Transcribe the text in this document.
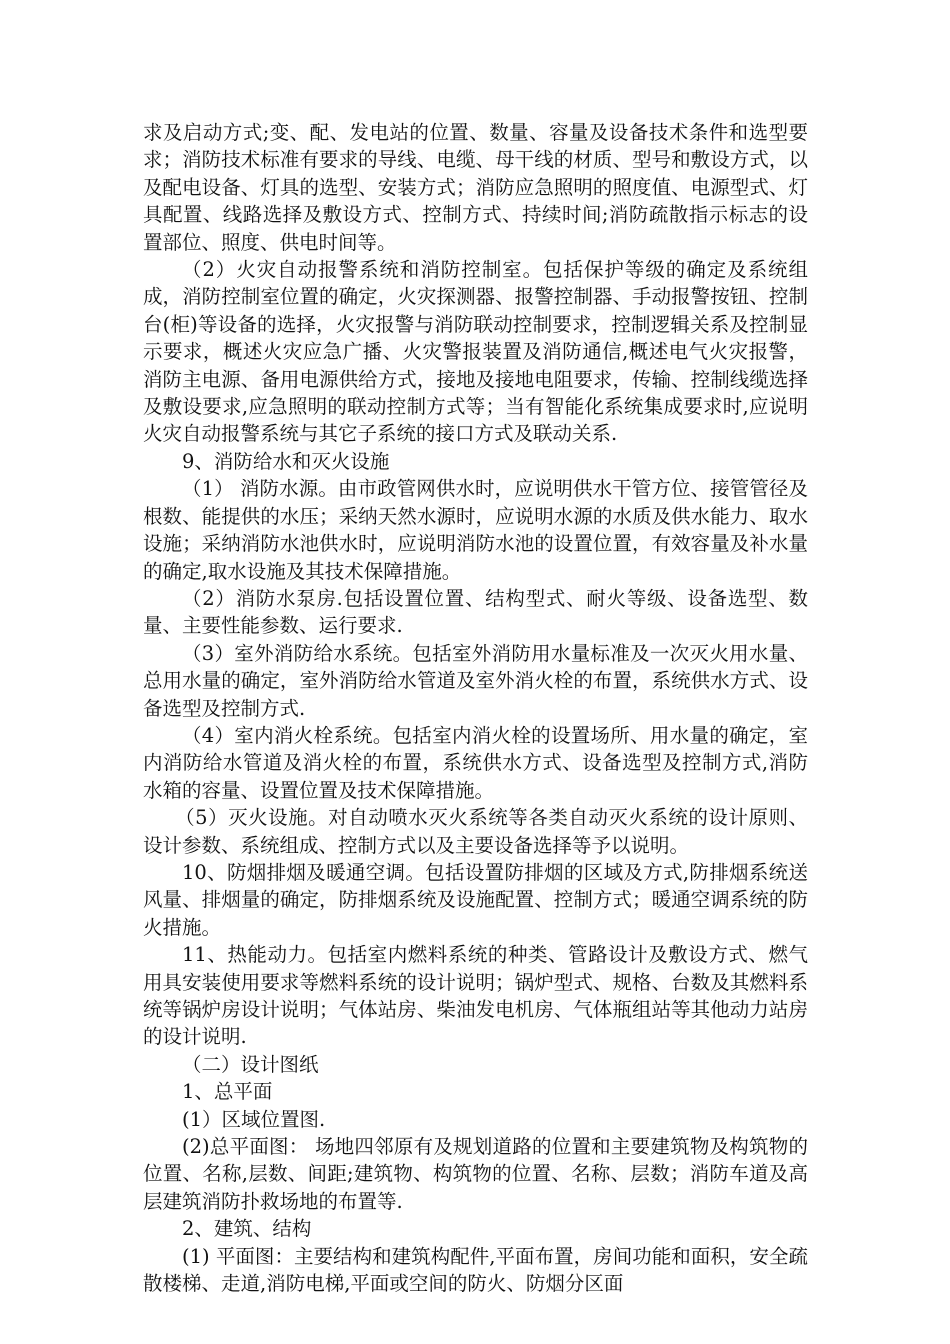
求及启动方式;变、配、发电站的位置、数量、容量及设备技术条件和选型要求；消防技术标准有要求的导线、电缆、母干线的材质、型号和敷设方式，以及配电设备、灯具的选型、安装方式；消防应急照明的照度值、电源型式、灯具配置、线路选择及敷设方式、控制方式、持续时间;消防疏散指示标志的设置部位、照度、供电时间等。

（2）火灾自动报警系统和消防控制室。包括保护等级的确定及系统组成，消防控制室位置的确定，火灾探测器、报警控制器、手动报警按钮、控制台(柜)等设备的选择，火灾报警与消防联动控制要求，控制逻辑关系及控制显示要求，概述火灾应急广播、火灾警报装置及消防通信,概述电气火灾报警，消防主电源、备用电源供给方式，接地及接地电阻要求，传输、控制线缆选择及敷设要求,应急照明的联动控制方式等；当有智能化系统集成要求时,应说明火灾自动报警系统与其它子系统的接口方式及联动关系.

9、消防给水和灭火设施

（1） 消防水源。由市政管网供水时，应说明供水干管方位、接管管径及根数、能提供的水压；采纳天然水源时，应说明水源的水质及供水能力、取水设施；采纳消防水池供水时，应说明消防水池的设置位置，有效容量及补水量的确定,取水设施及其技术保障措施。

（2）消防水泵房.包括设置位置、结构型式、耐火等级、设备选型、数量、主要性能参数、运行要求.

（3）室外消防给水系统。包括室外消防用水量标准及一次灭火用水量、总用水量的确定，室外消防给水管道及室外消火栓的布置，系统供水方式、设备选型及控制方式.

（4）室内消火栓系统。包括室内消火栓的设置场所、用水量的确定，室内消防给水管道及消火栓的布置，系统供水方式、设备选型及控制方式,消防水箱的容量、设置位置及技术保障措施。

（5）灭火设施。对自动喷水灭火系统等各类自动灭火系统的设计原则、设计参数、系统组成、控制方式以及主要设备选择等予以说明。

10、防烟排烟及暖通空调。包括设置防排烟的区域及方式,防排烟系统送风量、排烟量的确定，防排烟系统及设施配置、控制方式；暖通空调系统的防火措施。

11、热能动力。包括室内燃料系统的种类、管路设计及敷设方式、燃气用具安装使用要求等燃料系统的设计说明；锅炉型式、规格、台数及其燃料系统等锅炉房设计说明；气体站房、柴油发电机房、气体瓶组站等其他动力站房的设计说明.

（二）设计图纸

1、总平面

(1）区域位置图.

(2)总平面图： 场地四邻原有及规划道路的位置和主要建筑物及构筑物的位置、名称,层数、间距;建筑物、构筑物的位置、名称、层数；消防车道及高层建筑消防扑救场地的布置等.

2、建筑、结构

(1) 平面图：主要结构和建筑构配件,平面布置，房间功能和面积，安全疏散楼梯、走道,消防电梯,平面或空间的防火、防烟分区面
